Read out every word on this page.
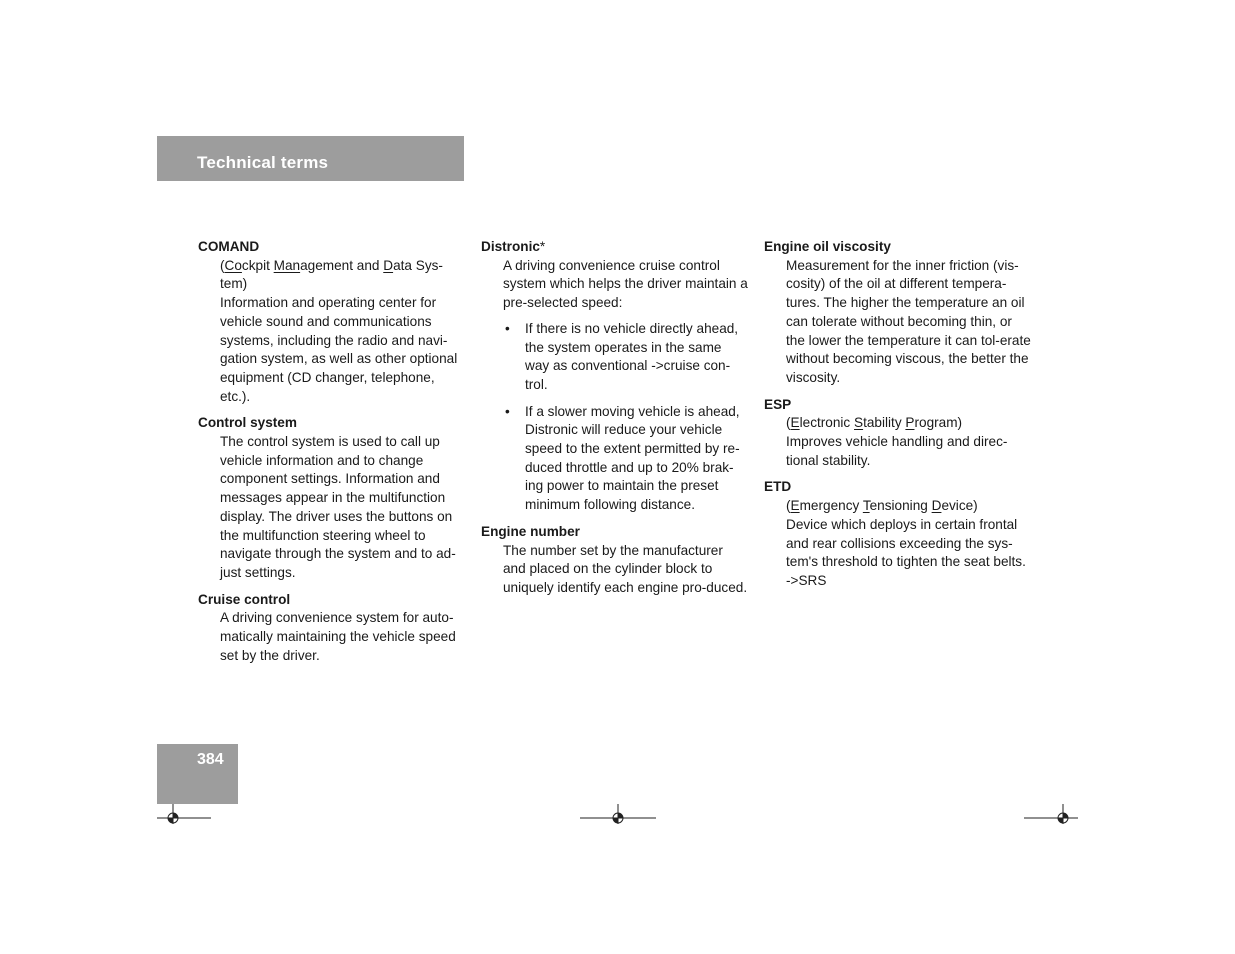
Technical terms
COMAND

(Cockpit Management and Data Sys-
tem)

Information and operating center for vehicle sound and communications systems, including the radio and navi-gation system, as well as other optional equipment (CD changer, telephone, etc.).

Control system

The control system is used to call up vehicle information and to change component settings. Information and messages appear in the multifunction display. The driver uses the buttons on the multifunction steering wheel to navigate through the system and to ad-just settings.

Cruise control

A driving convenience system for auto-matically maintaining the vehicle speed set by the driver.

Distronic*

A driving convenience cruise control system which helps the driver maintain a pre-selected speed:

• If there is no vehicle directly ahead, the system operates in the same way as conventional ->cruise con-trol.
• If a slower moving vehicle is ahead, Distronic will reduce your vehicle speed to the extent permitted by re-duced throttle and up to 20% brak-ing power to maintain the preset minimum following distance.
Engine number

The number set by the manufacturer and placed on the cylinder block to uniquely identify each engine pro-duced.

Engine oil viscosity

Measurement for the inner friction (vis-cosity) of the oil at different tempera-tures. The higher the temperature an oil can tolerate without becoming thin, or the lower the temperature it can tol-erate without becoming viscous, the better the viscosity.

ESP

(Electronic Stability Program)

Improves vehicle handling and direc-tional stability.

ETD

(Emergency Tensioning Device)

Device which deploys in certain frontal and rear collisions exceeding the sys-tem's threshold to tighten the seat belts.

->SRS

384
